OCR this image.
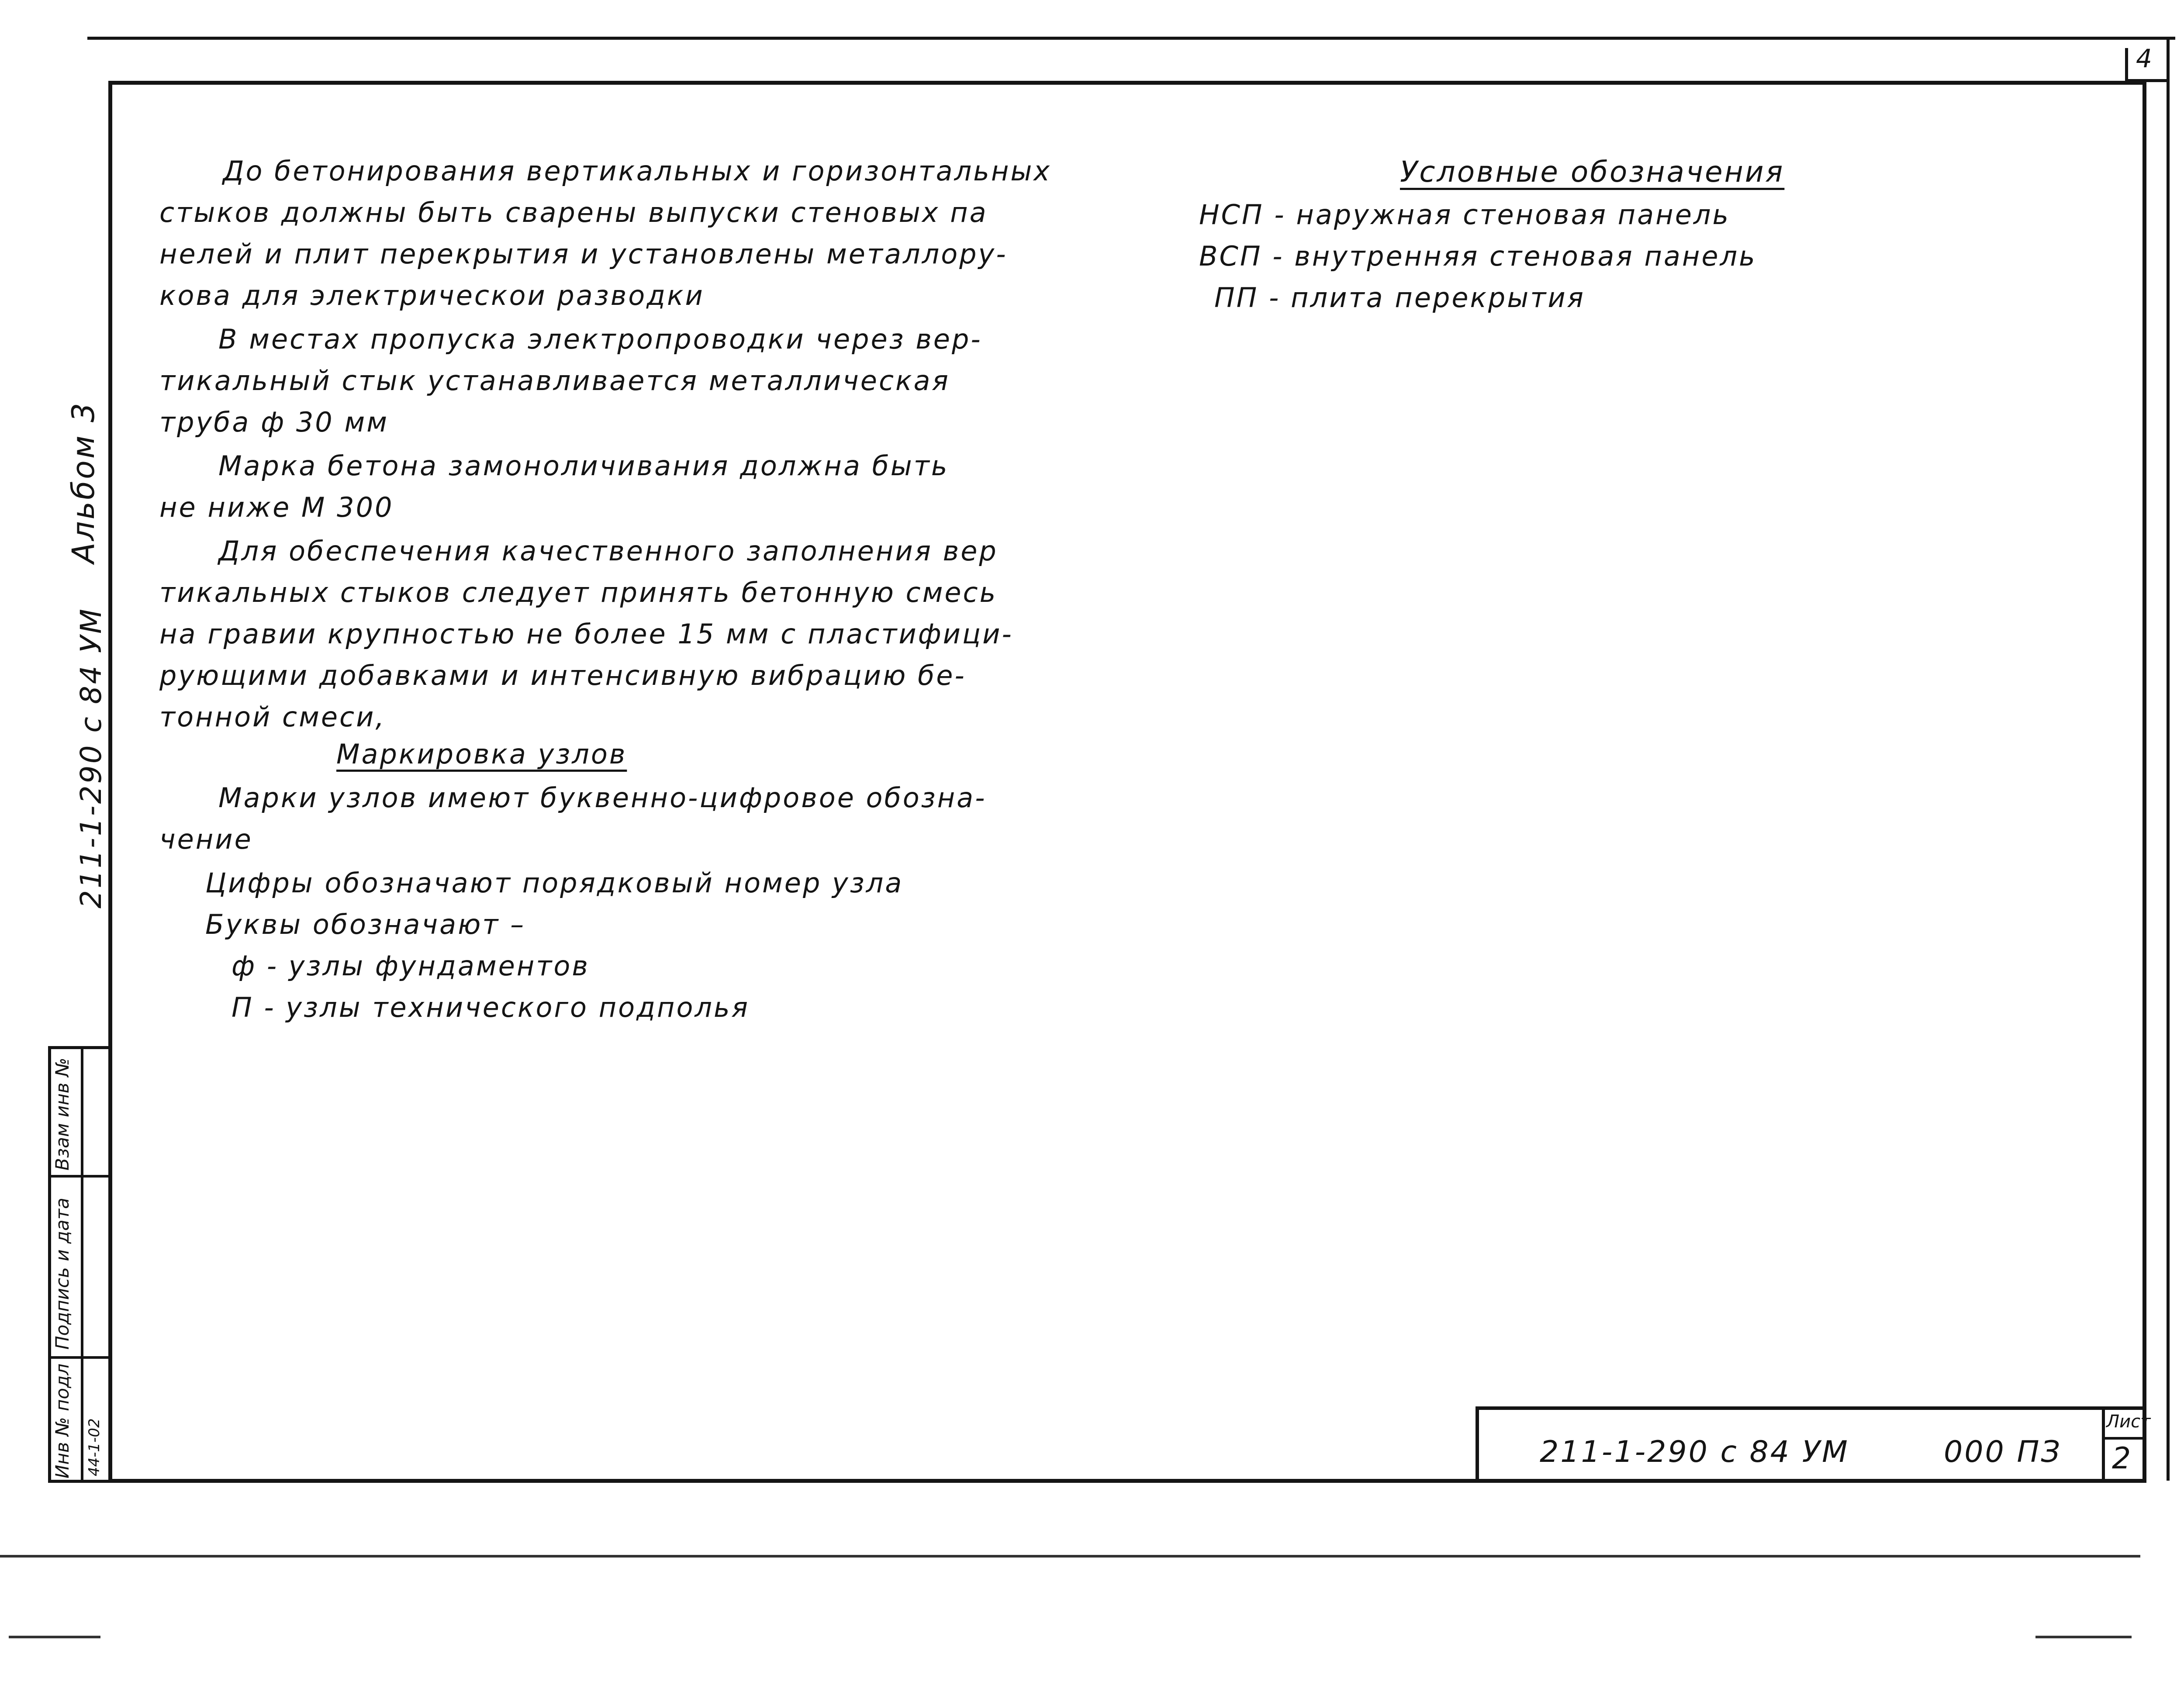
4
До бетонирования вертикальных и горизонтальных
стыков должны быть сварены выпуски стеновых па
нелей и плит перекрытия и установлены металлору-
кова для электрическои разводки
В местах пропуска электропроводки через вер-
тикальный стык устанавливается металлическая
труба ф 30 мм
Марка бетона замоноличивания должна быть
не ниже М 300
Для обеспечения качественного заполнения вер
тикальных стыков следует принять бетонную смесь
на гравии крупностью не более 15 мм с пластифици-
рующими добавками и интенсивную вибрацию бе-
тонной смеси,
Маркировка узлов
Марки узлов имеют буквенно-цифровое обозна-
чение
Цифры обозначают порядковый номер узла
Буквы обозначают –
ф - узлы фундаментов
П - узлы технического подполья
Условные обозначения
НСП - наружная стеновая панель
ВСП - внутренняя стеновая панель
ПП - плита перекрытия
211-1-290 с 84 УМ
Альбом 3
Инв № подл
Подпись и дата
Взам инв №
44-1-02	211-1-290 с 84 УМ	000 ПЗ
Лист
2
